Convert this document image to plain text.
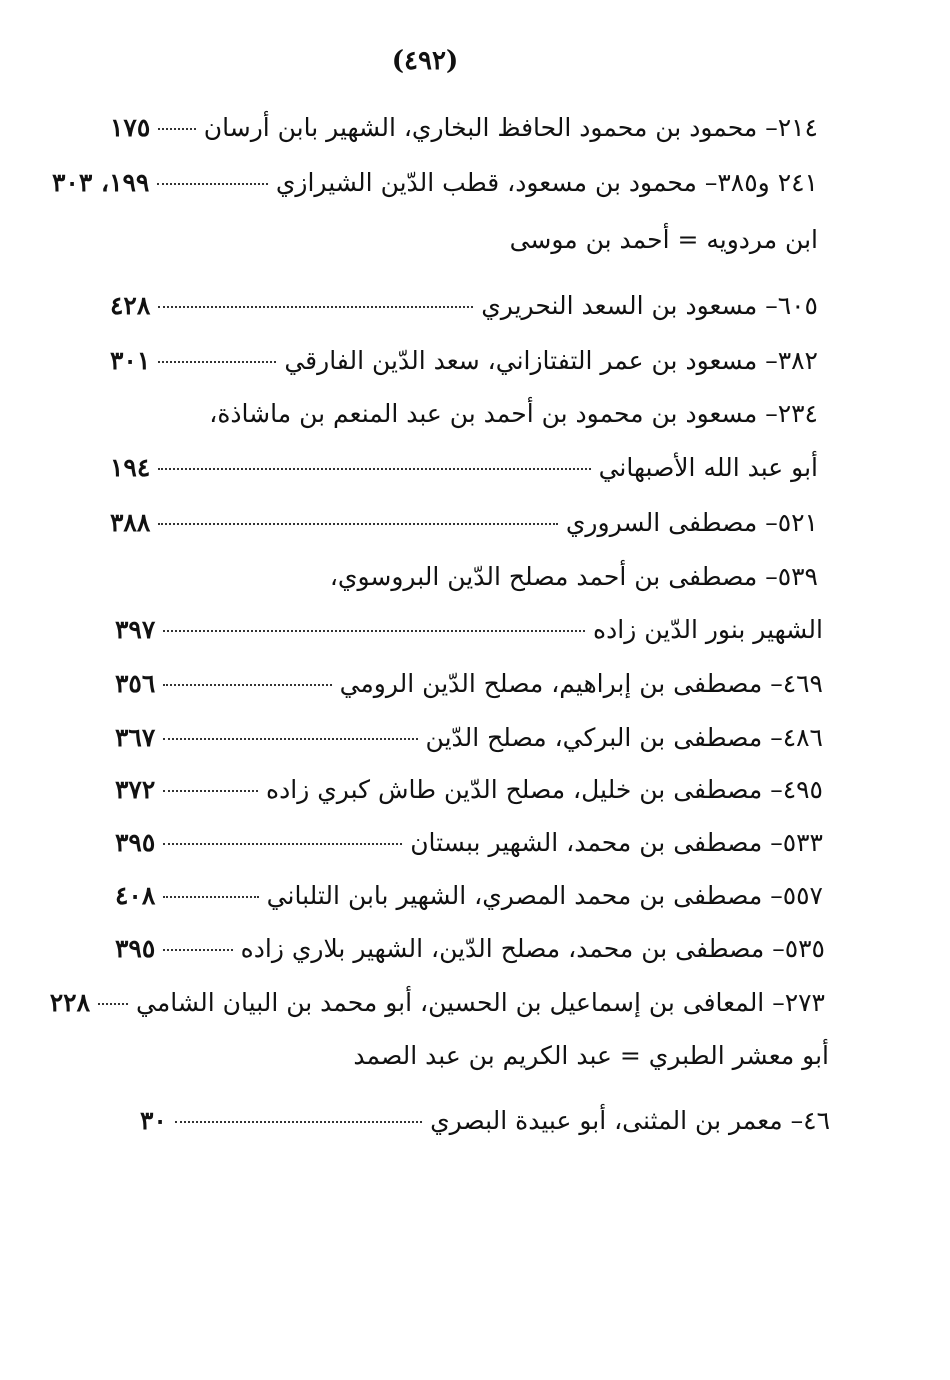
(٤٩٢)
٢١٤– محمود بن محمود الحافظ البخاري، الشهير بابن أرسان
١٧٥
٢٤١ و٣٨٥– محمود بن مسعود، قطب الدّين الشيرازي
١٩٩، ٣٠٣
ابن مردويه = أحمد بن موسى
٦٠٥– مسعود بن السعد النحريري
٤٢٨
٣٨٢– مسعود بن عمر التفتازاني، سعد الدّين الفارقي
٣٠١
٢٣٤– مسعود بن محمود بن أحمد بن عبد المنعم بن ماشاذة،
أبو عبد الله الأصبهاني
١٩٤
٥٢١– مصطفى السروري
٣٨٨
٥٣٩– مصطفى بن أحمد مصلح الدّين البروسوي،
الشهير بنور الدّين زاده
٣٩٧
٤٦٩– مصطفى بن إبراهيم، مصلح الدّين الرومي
٣٥٦
٤٨٦– مصطفى بن البركي، مصلح الدّين
٣٦٧
٤٩٥– مصطفى بن خليل، مصلح الدّين طاش كبري زاده
٣٧٢
٥٣٣– مصطفى بن محمد، الشهير ببستان
٣٩٥
٥٥٧– مصطفى بن محمد المصري، الشهير بابن التلباني
٤٠٨
٥٣٥– مصطفى بن محمد، مصلح الدّين، الشهير بلاري زاده
٣٩٥
٢٧٣– المعافى بن إسماعيل بن الحسين، أبو محمد بن البيان الشامي
٢٢٨
أبو معشر الطبري = عبد الكريم بن عبد الصمد
٤٦– معمر بن المثنى، أبو عبيدة البصري
٣٠
